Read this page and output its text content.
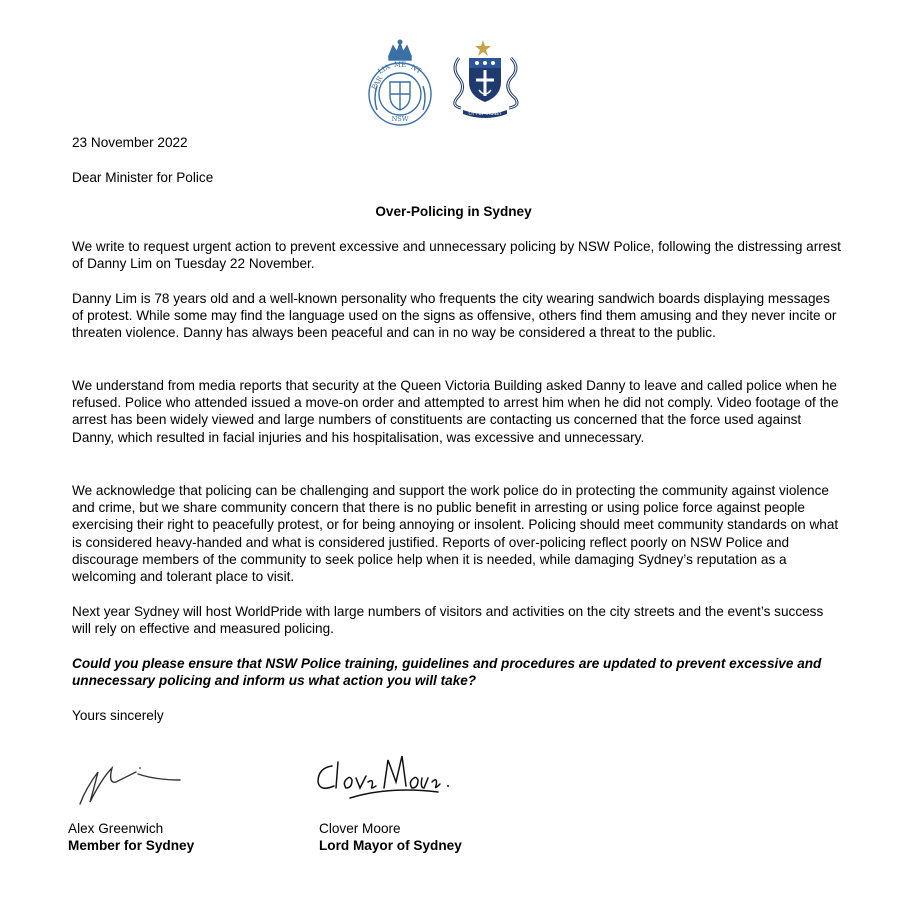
PAR
LIA ME NT
NSW
CITY OF SYDNEY
23 November 2022
Dear Minister for Police
Over-Policing in Sydney
We write to request urgent action to prevent excessive and unnecessary policing by NSW Police, following the distressing arrest of Danny Lim on Tuesday 22 November.
Danny Lim is 78 years old and a well-known personality who frequents the city wearing sandwich boards displaying messages of protest. While some may find the language used on the signs as offensive, others find them amusing and they never incite or threaten violence. Danny has always been peaceful and can in no way be considered a threat to the public.
We understand from media reports that security at the Queen Victoria Building asked Danny to leave and called police when he refused. Police who attended issued a move-on order and attempted to arrest him when he did not comply. Video footage of the arrest has been widely viewed and large numbers of constituents are contacting us concerned that the force used against Danny, which resulted in facial injuries and his hospitalisation, was excessive and unnecessary.
We acknowledge that policing can be challenging and support the work police do in protecting the community against violence and crime, but we share community concern that there is no public benefit in arresting or using police force against people exercising their right to peacefully protest, or for being annoying or insolent. Policing should meet community standards on what is considered heavy-handed and what is considered justified. Reports of over-policing reflect poorly on NSW Police and discourage members of the community to seek police help when it is needed, while damaging Sydney’s reputation as a welcoming and tolerant place to visit.
Next year Sydney will host WorldPride with large numbers of visitors and activities on the city streets and the event’s success will rely on effective and measured policing.
Could you please ensure that NSW Police training, guidelines and procedures are updated to prevent excessive and unnecessary policing and inform us what action you will take?
Yours sincerely
Alex Greenwich
Member for Sydney
Clover Moore
Lord Mayor of Sydney
